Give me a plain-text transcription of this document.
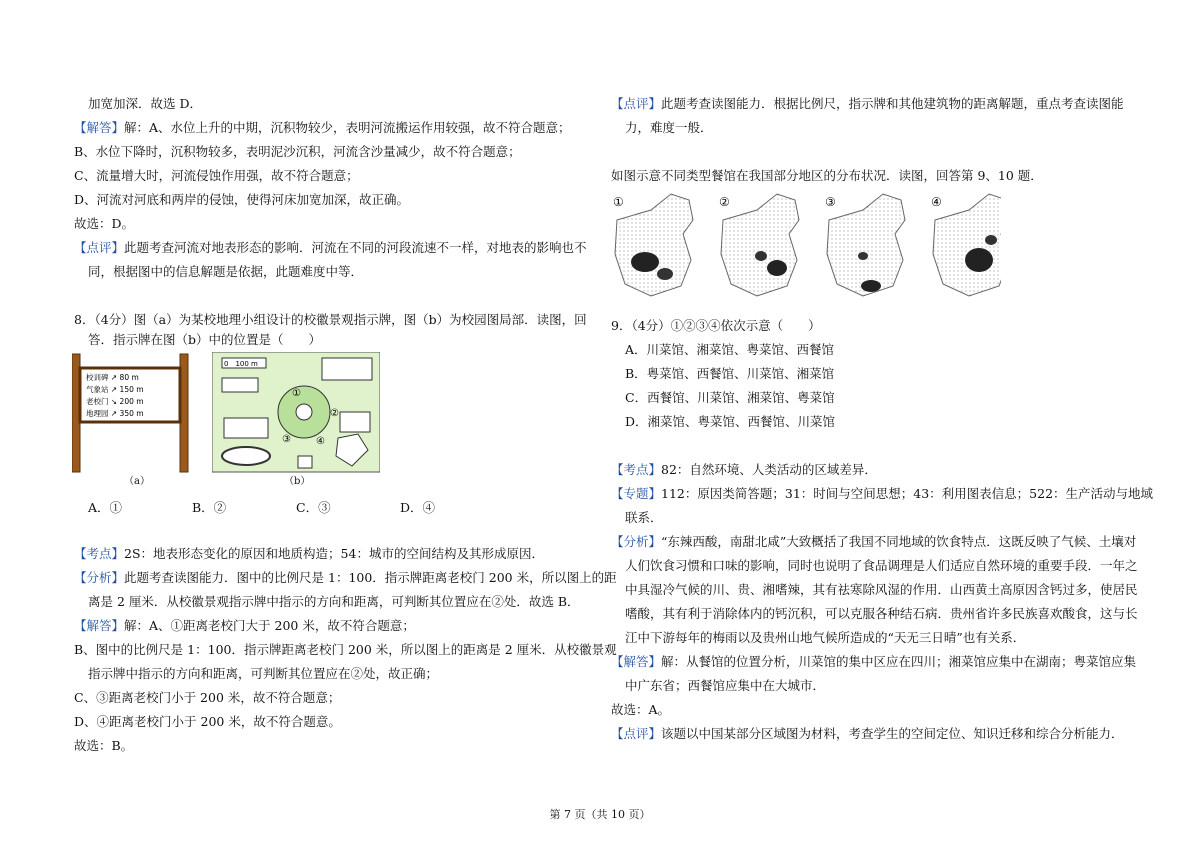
加宽加深．故选 D．
【解答】解：A、水位上升的中期，沉积物较少，表明河流搬运作用较强，故不符合题意；
B、水位下降时，沉积物较多，表明泥沙沉积，河流含沙量减少，故不符合题意；
C、流量增大时，河流侵蚀作用强，故不符合题意；
D、河流对河底和两岸的侵蚀，使得河床加宽加深，故正确。
故选：D。
【点评】此题考查河流对地表形态的影响．河流在不同的河段流速不一样，对地表的影响也不
同，根据图中的信息解题是依据，此题难度中等．
8．（4分）图（a）为某校地理小组设计的校徽景观指示牌，图（b）为校园图局部．读图，回
答．指示牌在图（b）中的位置是（　　）
校训碑 ↗ 80 m
气象站 ↗ 150 m
老校门 ↘ 200 m
地理园 ↗ 350 m
（a）
0　100 m
①
②
③	④
（b）
A．①	B．②	C．③	D．④
【考点】2S：地表形态变化的原因和地质构造；54：城市的空间结构及其形成原因．
【分析】此题考查读图能力．图中的比例尺是 1：100．指示牌距离老校门 200 米，所以图上的距
离是 2 厘米．从校徽景观指示牌中指示的方向和距离，可判断其位置应在②处．故选 B．
【解答】解：A、①距离老校门大于 200 米，故不符合题意；
B、图中的比例尺是 1：100．指示牌距离老校门 200 米，所以图上的距离是 2 厘米．从校徽景观
指示牌中指示的方向和距离，可判断其位置应在②处，故正确；
C、③距离老校门小于 200 米，故不符合题意；
D、④距离老校门小于 200 米，故不符合题意。
故选：B。
【点评】此题考查读图能力．根据比例尺，指示牌和其他建筑物的距离解题，重点考查读图能
力，难度一般．
如图示意不同类型餐馆在我国部分地区的分布状况．读图，回答第 9、10 题．
①	②	③	④
9．（4分）①②③④依次示意（　　）
A．川菜馆、湘菜馆、粤菜馆、西餐馆
B．粤菜馆、西餐馆、川菜馆、湘菜馆
C．西餐馆、川菜馆、湘菜馆、粤菜馆
D．湘菜馆、粤菜馆、西餐馆、川菜馆
【考点】82：自然环境、人类活动的区域差异．
【专题】112：原因类简答题；31：时间与空间思想；43：利用图表信息；522：生产活动与地域
联系．
【分析】“东辣西酸，南甜北咸”大致概括了我国不同地域的饮食特点．这既反映了气候、土壤对
人们饮食习惯和口味的影响，同时也说明了食品调理是人们适应自然环境的重要手段．一年之
中具湿冷气候的川、贵、湘嗜辣，其有祛寒除风湿的作用．山西黄土高原因含钙过多，使居民
嗜酸，其有利于消除体内的钙沉积，可以克服各种结石病．贵州省许多民族喜欢酸食，这与长
江中下游每年的梅雨以及贵州山地气候所造成的“天无三日晴”也有关系．
【解答】解：从餐馆的位置分析，川菜馆的集中区应在四川；湘菜馆应集中在湖南；粤菜馆应集
中广东省；西餐馆应集中在大城市．
故选：A。
【点评】该题以中国某部分区域图为材料，考查学生的空间定位、知识迁移和综合分析能力．
第 7 页（共 10 页）
